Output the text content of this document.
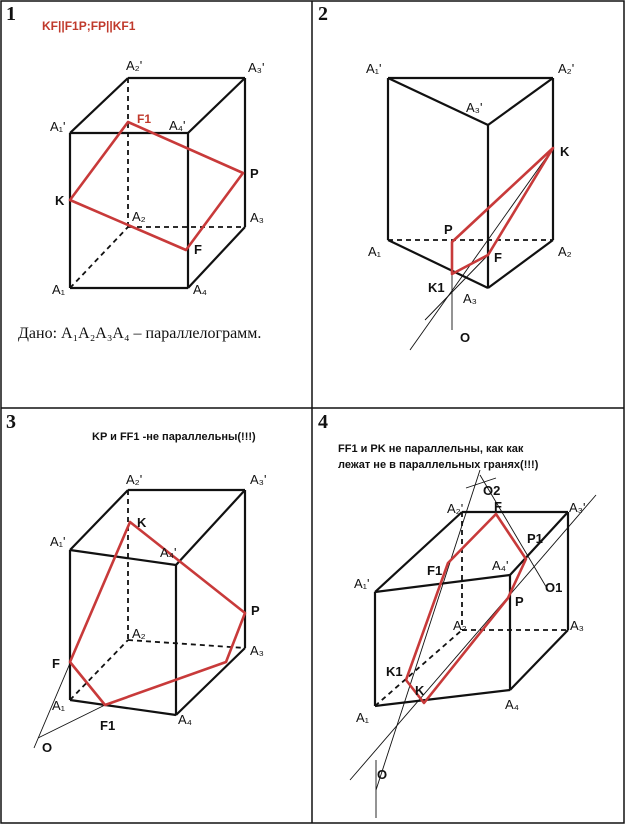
1
KF||F1P;FP||KF1
A₂'	A₃'
A₁'	F1 A₄'
K
P
A₂	A₃
F
A₁	A₄
Дано: A₁A₂A₃A₄ – параллелограмм.
2
A₁'	A₂'
A₃'
K
P
A₁	A₂
F
K1
A₃
O
3
KP и FF1 -не параллельны(!!!)
A₂'	A₃'
A₁'
K
A₄'
P
A₂
A₃
F
A₁
F1	A₄
O
4
FF1 и PK не параллельны, как как
лежат не в параллельных гранях(!!!)
O2
A₂' F	A₃'
P1
F1	A₄'
A₁'	O1
P
A₂	A₃
K1
K
A₄
A₁
O
